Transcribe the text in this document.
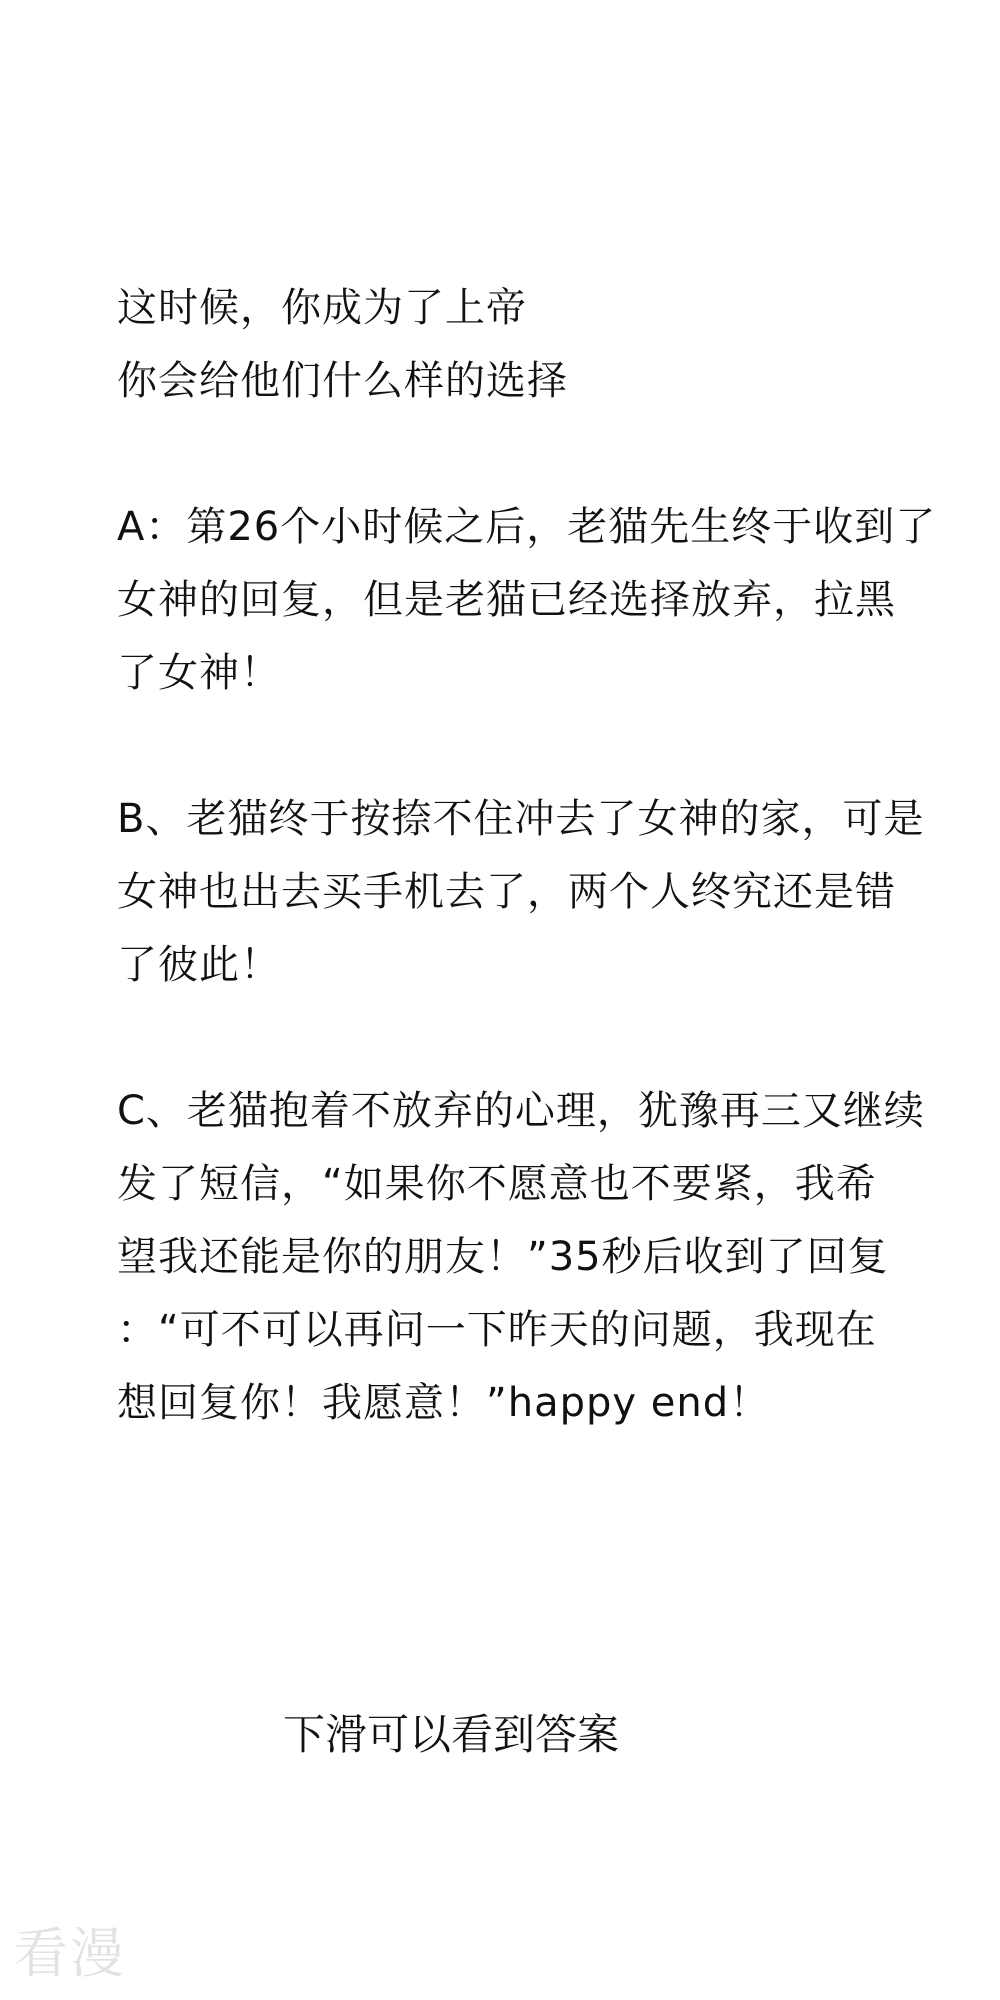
这时候，你成为了上帝
你会给他们什么样的选择
A：第26个小时候之后，老猫先生终于收到了
女神的回复，但是老猫已经选择放弃，拉黑
了女神！
B、老猫终于按捺不住冲去了女神的家，可是
女神也出去买手机去了，两个人终究还是错
了彼此！
C、老猫抱着不放弃的心理，犹豫再三又继续
发了短信，“如果你不愿意也不要紧，我希
望我还能是你的朋友！”35秒后收到了回复
：“可不可以再问一下昨天的问题，我现在
想回复你！我愿意！”happy end！
下滑可以看到答案
看漫
